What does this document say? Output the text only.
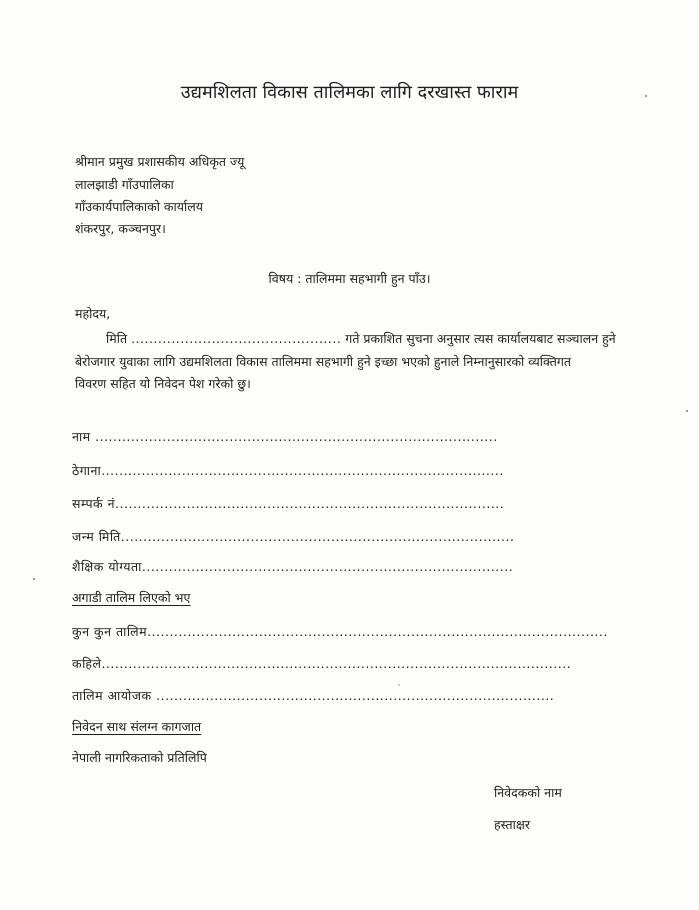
उद्यमशिलता विकास तालिमका लागि दरखास्त फाराम
श्रीमान प्रमुख प्रशासकीय अधिकृत ज्यू
लालझाडी गाँउपालिका
गाँउकार्यपालिकाको कार्यालय
शंकरपुर, कञ्चनपुर।
विषय : तालिममा सहभागी हुन पाँउ।
महोदय,
मिति ............................................... गते प्रकाशित सुचना अनुसार त्यस कार्यालयबाट सञ्चालन हुने
बेरोजगार युवाका लागि उद्यमशिलता विकास तालिममा सहभागी हुने इच्छा भएको हुनाले निम्नानुसारको व्यक्तिगत
विवरण सहित यो निवेदन पेश गरेको छु।
नाम ..........................................................................................
ठेगाना..........................................................................................
सम्पर्क नं.......................................................................................
जन्म मिति........................................................................................
शैक्षिक योग्यता...................................................................................
अगाडी तालिम लिएको भए
कुन कुन तालिम.......................................................................................................
कहिले.........................................................................................................
तालिम आयोजक .........................................................................................
निवेदन साथ संलग्न कागजात
नेपाली नागरिकताको प्रतिलिपि
निवेदकको नाम
हस्ताक्षर
